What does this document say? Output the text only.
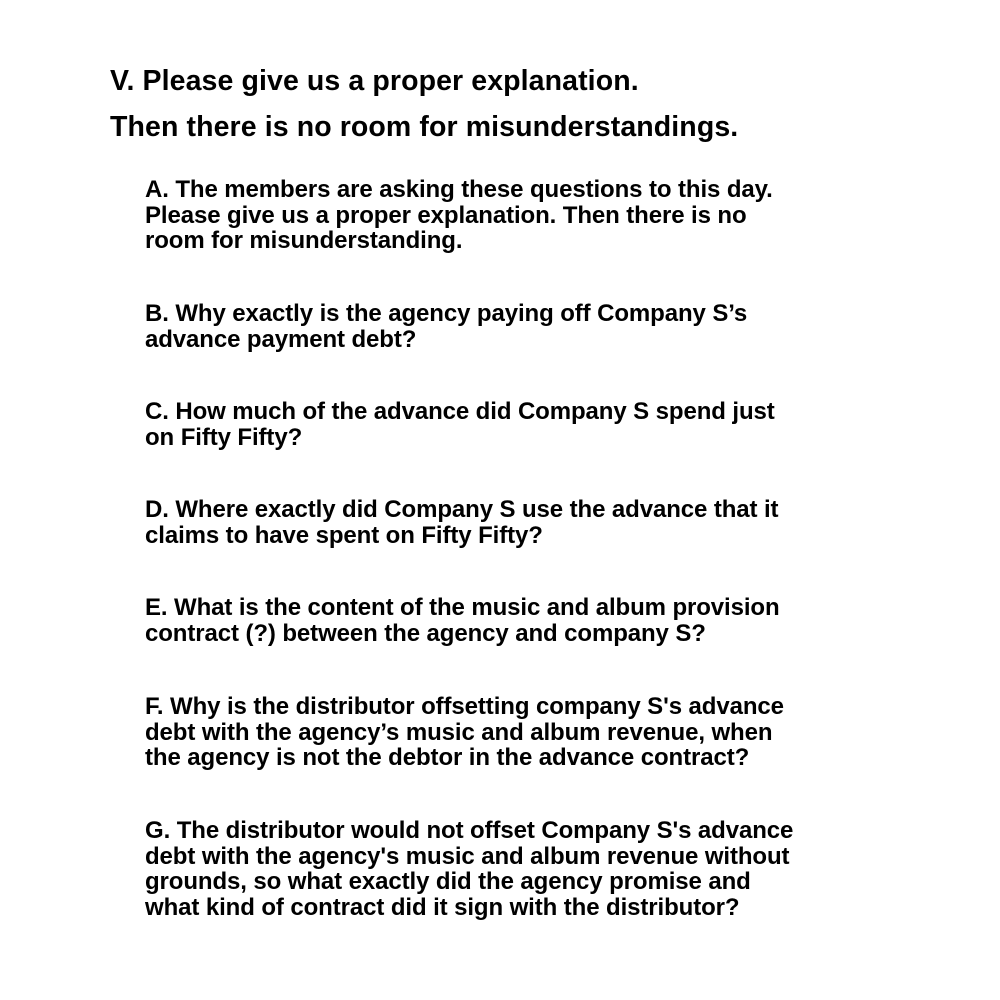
V. Please give us a proper explanation.
Then there is no room for misunderstandings.

A. The members are asking these questions to this day.
Please give us a proper explanation. Then there is no
room for misunderstanding.

B. Why exactly is the agency paying off Company S’s
advance payment debt?

C. How much of the advance did Company S spend just
on Fifty Fifty?

D. Where exactly did Company S use the advance that it
claims to have spent on Fifty Fifty?

E. What is the content of the music and album provision
contract (?) between the agency and company S?

F. Why is the distributor offsetting company S's advance
debt with the agency’s music and album revenue, when
the agency is not the debtor in the advance contract?

G. The distributor would not offset Company S's advance
debt with the agency's music and album revenue without
grounds, so what exactly did the agency promise and
what kind of contract did it sign with the distributor?
